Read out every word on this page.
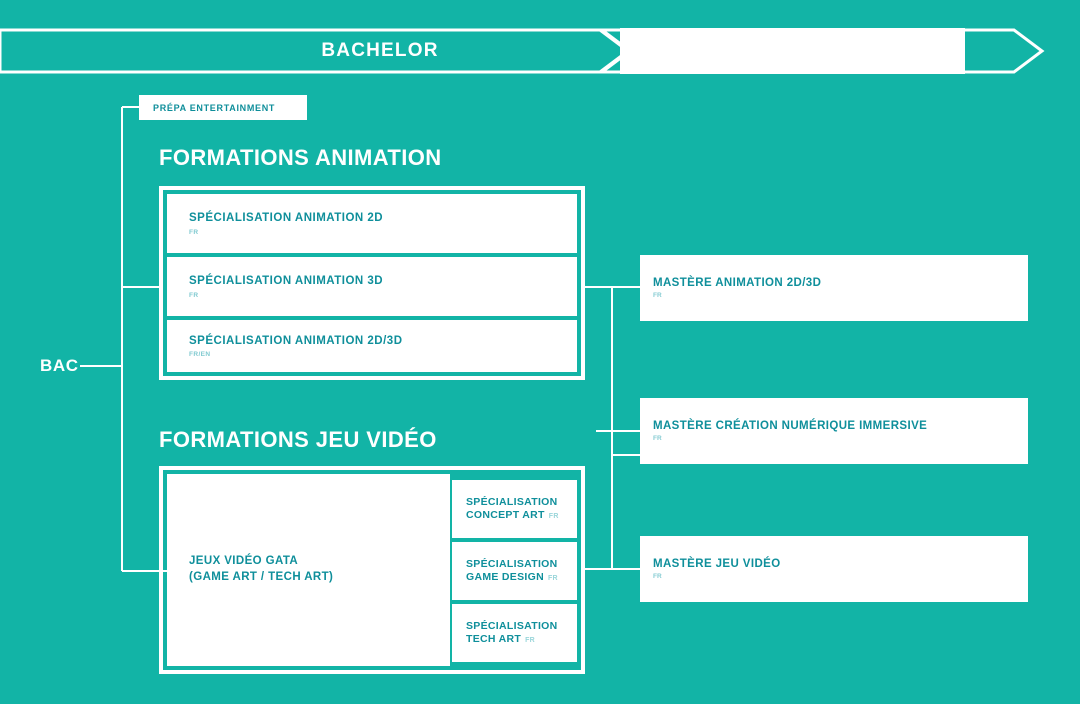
BACHELOR	MASTÈRE
BAC
PRÉPA ENTERTAINMENT
FORMATIONS ANIMATION
SPÉCIALISATION ANIMATION 2D
FR
SPÉCIALISATION ANIMATION 3D
FR
SPÉCIALISATION ANIMATION 2D/3D
FR/EN
FORMATIONS JEU VIDÉO
JEUX VIDÉO GATA
(GAME ART / TECH ART)
SPÉCIALISATION
CONCEPT ART FR
SPÉCIALISATION
GAME DESIGN FR
SPÉCIALISATION
TECH ART FR
MASTÈRE ANIMATION 2D/3D
FR
MASTÈRE CRÉATION NUMÉRIQUE IMMERSIVE
FR
MASTÈRE JEU VIDÉO
FR
